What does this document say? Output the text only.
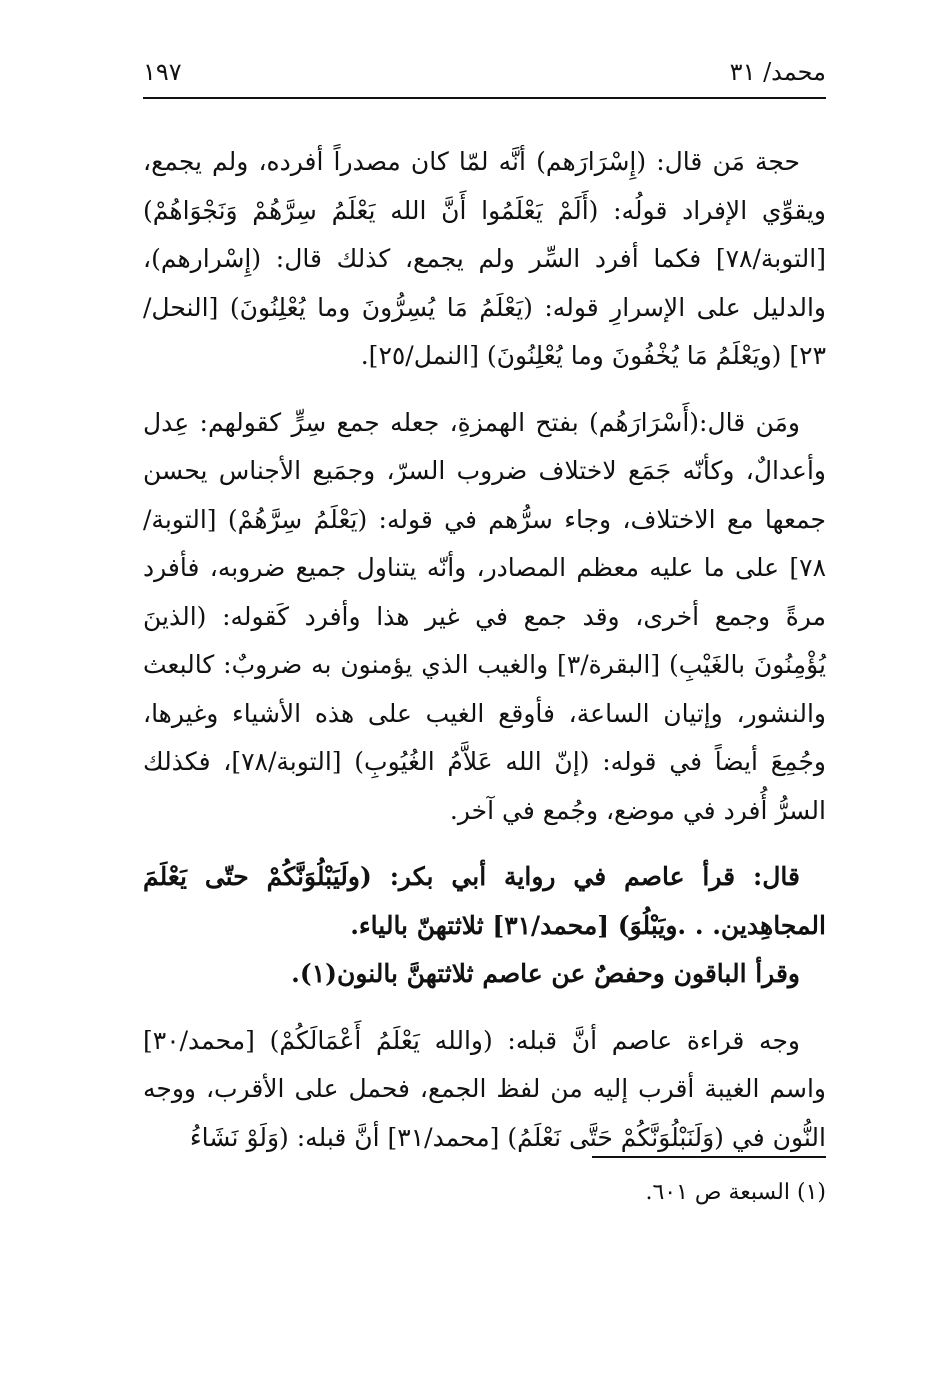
محمد/ ٣١
١٩٧

حجة مَن قال: (إِسْرَارَهم) أنَّه لمّا كان مصدراً أفرده، ولم يجمع، ويقوِّي الإفراد قولُه: (أَلَمْ يَعْلَمُوا أَنَّ الله يَعْلَمُ سِرَّهُمْ وَنَجْوَاهُمْ) [التوبة/٧٨] فكما أفرد السِّر ولم يجمع، كذلك قال: (إِسْرارهم)، والدليل على الإسرارِ قوله: (يَعْلَمُ مَا يُسِرُّونَ وما يُعْلِنُونَ) [النحل/٢٣] (ويَعْلَمُ مَا يُخْفُونَ وما يُعْلِنُونَ) [النمل/٢٥].

ومَن قال:(أَسْرَارَهُم) بفتح الهمزةِ، جعله جمع سِرٍّ كقولهم: عِدل وأعدالٌ، وكأنّه جَمَع لاختلاف ضروب السرّ، وجمَيع الأجناس يحسن جمعها مع الاختلاف، وجاء سرُّهم في قوله: (يَعْلَمُ سِرَّهُمْ) [التوبة/٧٨] على ما عليه معظم المصادر، وأنّه يتناول جميع ضروبه، فأفرد مرةً وجمع أخرى، وقد جمع في غير هذا وأفرد كَقوله: (الذينَ يُؤْمِنُونَ بالغَيْبِ) [البقرة/٣] والغيب الذي يؤمنون به ضروبٌ: كالبعث والنشور، وإتيان الساعة، فأوقع الغيب على هذه الأشياء وغيرها، وجُمِعَ أيضاً في قوله: (إنّ الله عَلاَّمُ الغُيُوبِ) [التوبة/٧٨]، فكذلك السرُّ أُفرد في موضع، وجُمع في آخر.

قال: قرأ عاصم في رواية أبي بكر: (ولَيَبْلُوَنَّكُمْ حتّى يَعْلَمَ المجاهِدين. . .ويَبْلُوَ) [محمد/٣١] ثلاثتهنّ بالياء.

وقرأ الباقون وحفصٌ عن عاصم ثلاثتهنَّ بالنون(١).

وجه قراءة عاصم أنَّ قبله: (والله يَعْلَمُ أَعْمَالَكُمْ) [محمد/٣٠] واسم الغيبة أقرب إليه من لفظ الجمع، فحمل على الأقرب، ووجه النُّون في (وَلَنَبْلُوَنَّكُمْ حَتَّى نَعْلَمُ) [محمد/٣١] أنَّ قبله: (وَلَوْ نَشَاءُ

(١) السبعة ص ٦٠١.
